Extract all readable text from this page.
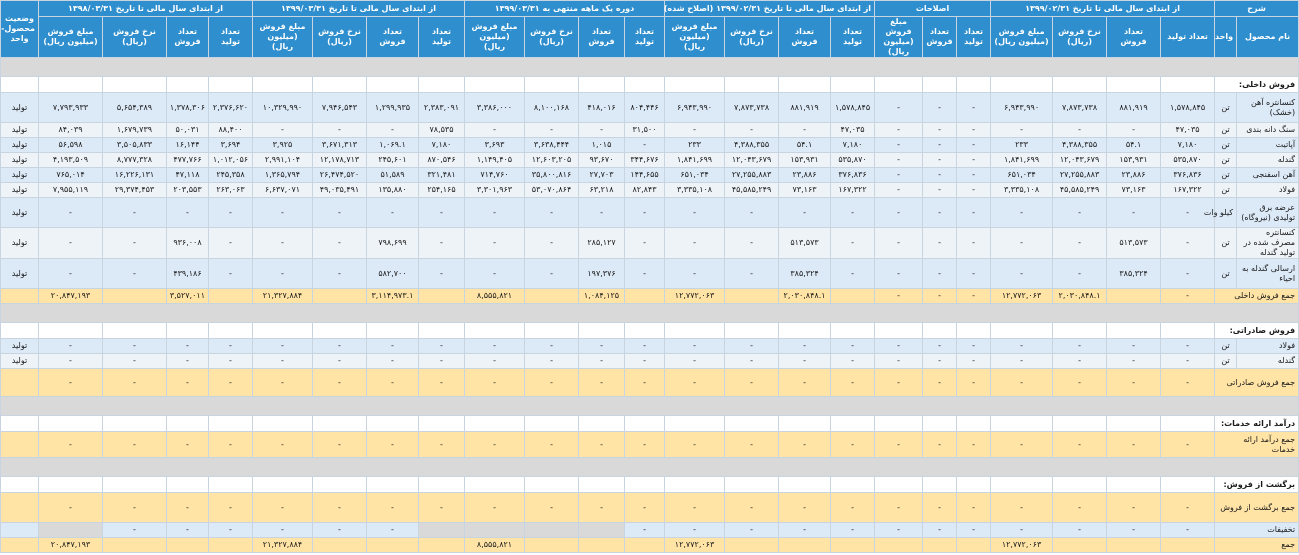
شرح		از ابتدای سال مالی تا تاریخ ۱۳۹۹/۰۲/۳۱				اصلاحات			از ابتدای سال مالی تا تاریخ ۱۳۹۹/۰۲/۳۱ (اصلاح شده)				دوره یک ماهه منتهی به ۱۳۹۹/۰۳/۳۱				از ابتدای سال مالی تا تاریخ ۱۳۹۹/۰۳/۳۱				از ابتدای سال مالی تا تاریخ ۱۳۹۸/۰۳/۳۱				وضعیت محصول-واحد
نام محصول	واحد	تعداد تولید	تعداد فروش	نرخ فروش (ریال)	مبلغ فروش (میلیون ریال)	تعداد تولید	تعداد فروش	مبلغ فروش (میلیون ریال)	تعداد تولید	تعداد فروش	نرخ فروش (ریال)	مبلغ فروش (میلیون ریال)	تعداد تولید	تعداد فروش	نرخ فروش (ریال)	مبلغ فروش (میلیون ریال)	تعداد تولید	تعداد فروش	نرخ فروش (ریال)	مبلغ فروش (میلیون ریال)	تعداد تولید	تعداد فروش	نرخ فروش (ریال)	مبلغ فروش (میلیون ریال)	

فروش داخلی:																									
کنسانتره آهن (خشک)	تن	۱,۵۷۸,۸۴۵	۸۸۱,۹۱۹	۷,۸۷۳,۷۳۸	۶,۹۴۳,۹۹۰	-	-	-	۱,۵۷۸,۸۴۵	۸۸۱,۹۱۹	۷,۸۷۳,۷۳۸	۶,۹۴۳,۹۹۰	۸۰۴,۴۴۶	۴۱۸,۰۱۶	۸,۱۰۰,۱۶۸	۳,۳۸۶,۰۰۰	۲,۳۸۳,۰۹۱	۱,۲۹۹,۹۳۵	۷,۹۴۶,۵۴۳	۱۰,۳۲۹,۹۹۰	۲,۳۷۶,۶۲۰	۱,۳۷۸,۳۰۶	۵,۶۵۴,۳۸۹	۷,۷۹۳,۹۳۳	تولید
سنگ دانه بندی	تن	۴۷,۰۳۵	-	-	-	-	-	-	۴۷,۰۳۵	-	-	-	۳۱,۵۰۰	-	-	-	۷۸,۵۳۵	-	-	-	۸۸,۴۰۰	۵۰,۰۳۱	۱,۶۷۹,۷۳۹	۸۴,۰۳۹	تولید
آپاتیت	تن	۷,۱۸۰	۵۴.۱	۴,۳۸۸,۳۵۵	۲۳۳	-	-	-	۷,۱۸۰	۵۴.۱	۴,۳۸۸,۳۵۵	۲۳۳	-	۱,۰۱۵	۳,۶۳۸,۴۴۴	۳,۶۹۳	۷,۱۸۰	۱,۰۶۹.۱	۳,۶۷۱,۳۱۳	۳,۹۲۵	۳,۶۹۴	۱۶,۱۴۴	۳,۵۰۵,۸۳۳	۵۶,۵۹۸	تولید
گندله	تن	۵۳۵,۸۷۰	۱۵۳,۹۳۱	۱۲,۰۴۳,۶۷۹	۱,۸۴۱,۶۹۹	-	-	-	۵۳۵,۸۷۰	۱۵۳,۹۳۱	۱۲,۰۴۳,۶۷۹	۱,۸۴۱,۶۹۹	۳۴۴,۶۷۶	۹۳,۶۷۰	۱۲,۶۰۳,۲۰۵	۱,۱۴۹,۴۰۵	۸۷۰,۵۴۶	۲۴۵,۶۰۱	۱۲,۱۷۸,۷۱۳	۲,۹۹۱,۱۰۴	۱,۰۱۲,۰۵۶	۴۷۷,۷۶۶	۸,۷۷۷,۳۲۸	۴,۱۹۳,۵۰۹	تولید
آهن اسفنجی	تن	۳۷۶,۸۳۶	۲۳,۸۸۶	۲۷,۲۵۵,۸۸۳	۶۵۱,۰۳۴	-	-	-	۳۷۶,۸۳۶	۲۳,۸۸۶	۲۷,۲۵۵,۸۸۳	۶۵۱,۰۳۴	۱۴۴,۶۵۵	۲۷,۷۰۳	۳۵,۸۰۰,۸۱۶	۷۱۴,۷۶۰	۳۲۱,۴۸۱	۵۱,۵۸۹	۲۶,۴۷۴,۵۲۰	۱,۳۶۵,۷۹۴	۲۴۵,۳۵۸	۴۷,۱۱۸	۱۶,۲۲۶,۱۳۱	۷۶۵,۰۱۴	تولید
فولاد	تن	۱۶۷,۳۲۲	۷۳,۱۶۳	۴۵,۵۸۵,۲۴۹	۳,۳۳۵,۱۰۸	-	-	-	۱۶۷,۳۲۲	۷۳,۱۶۳	۴۵,۵۸۵,۲۴۹	۳,۳۳۵,۱۰۸	۸۲,۸۴۳	۶۳,۲۱۸	۵۳,۰۷۰,۸۶۴	۳,۳۰۱,۹۶۳	۲۵۴,۱۶۵	۱۳۵,۸۸۰	۴۹,۰۳۵,۴۹۱	۶,۶۳۷,۰۷۱	۲۶۳,۰۶۳	۲۰۳,۵۵۳	۲۹,۳۷۴,۴۵۳	۷,۹۵۵,۱۱۹	تولید
عرضه برق تولیدی (نیروگاه)	کیلو وات	-	-	-	-	-	-	-	-	-	-	-	-	-	-	-	-	-	-	-	-	-	-	-	تولید
کنسانتره مصرف شده در تولید گندله	تن	-	۵۱۳,۵۷۳	-	-	-	-	-	-	۵۱۳,۵۷۳	-	-	-	۲۸۵,۱۲۷	-	-	-	۷۹۸,۶۹۹	-	-	-	۹۳۶,۰۰۸	-	-	تولید
ارسالی گندله به احیاء	تن	-	۳۸۵,۳۲۴	-	-	-	-	-	-	۳۸۵,۳۲۴	-	-	-	۱۹۷,۳۷۶	-	-	-	۵۸۲,۷۰۰	-	-	-	۴۳۹,۱۸۶	-	-	تولید
جمع فروش داخلی		-		۲,۰۳۰,۸۴۸.۱	۱۲,۷۷۲,۰۶۳	-	-	-		۲,۰۳۰,۸۴۸.۱		۱۲,۷۷۲,۰۶۳		۱,۰۸۴,۱۲۵		۸,۵۵۵,۸۲۱		۳,۱۱۴,۹۷۳.۱		۲۱,۳۲۷,۸۸۴		۳,۵۲۷,۰۱۱		۲۰,۸۴۷,۱۹۳	

فروش صادراتی:																									
فولاد	تن	-	-	-	-	-	-	-	-	-	-	-	-	-	-	-	-	-	-	-	-	-	-	-	تولید
گندله	تن	-	-	-	-	-	-	-	-	-	-	-	-	-	-	-	-	-	-	-	-	-	-	-	تولید
جمع فروش صادراتی		-	-	-	-	-	-	-	-	-	-	-	-	-	-	-	-	-	-	-	-	-	-	-	

درآمد ارائه خدمات:																									
جمع درآمد ارائه خدمات		-	-	-	-	-	-	-	-	-	-	-	-	-	-	-	-	-	-	-	-	-	-	-	

برگشت از فروش:																									
جمع برگشت از فروش		-	-	-	-	-	-	-	-	-	-	-	-	-	-	-	-	-	-	-	-	-	-	-	
تخفیفات		-	-	-	-	-	-	-	-	-	-	-	-					-	-	-	-	-	-		
جمع					۱۲,۷۷۲,۰۶۳							۱۲,۷۷۲,۰۶۳				۸,۵۵۵,۸۲۱				۲۱,۳۲۷,۸۸۴				۲۰,۸۴۷,۱۹۳	
